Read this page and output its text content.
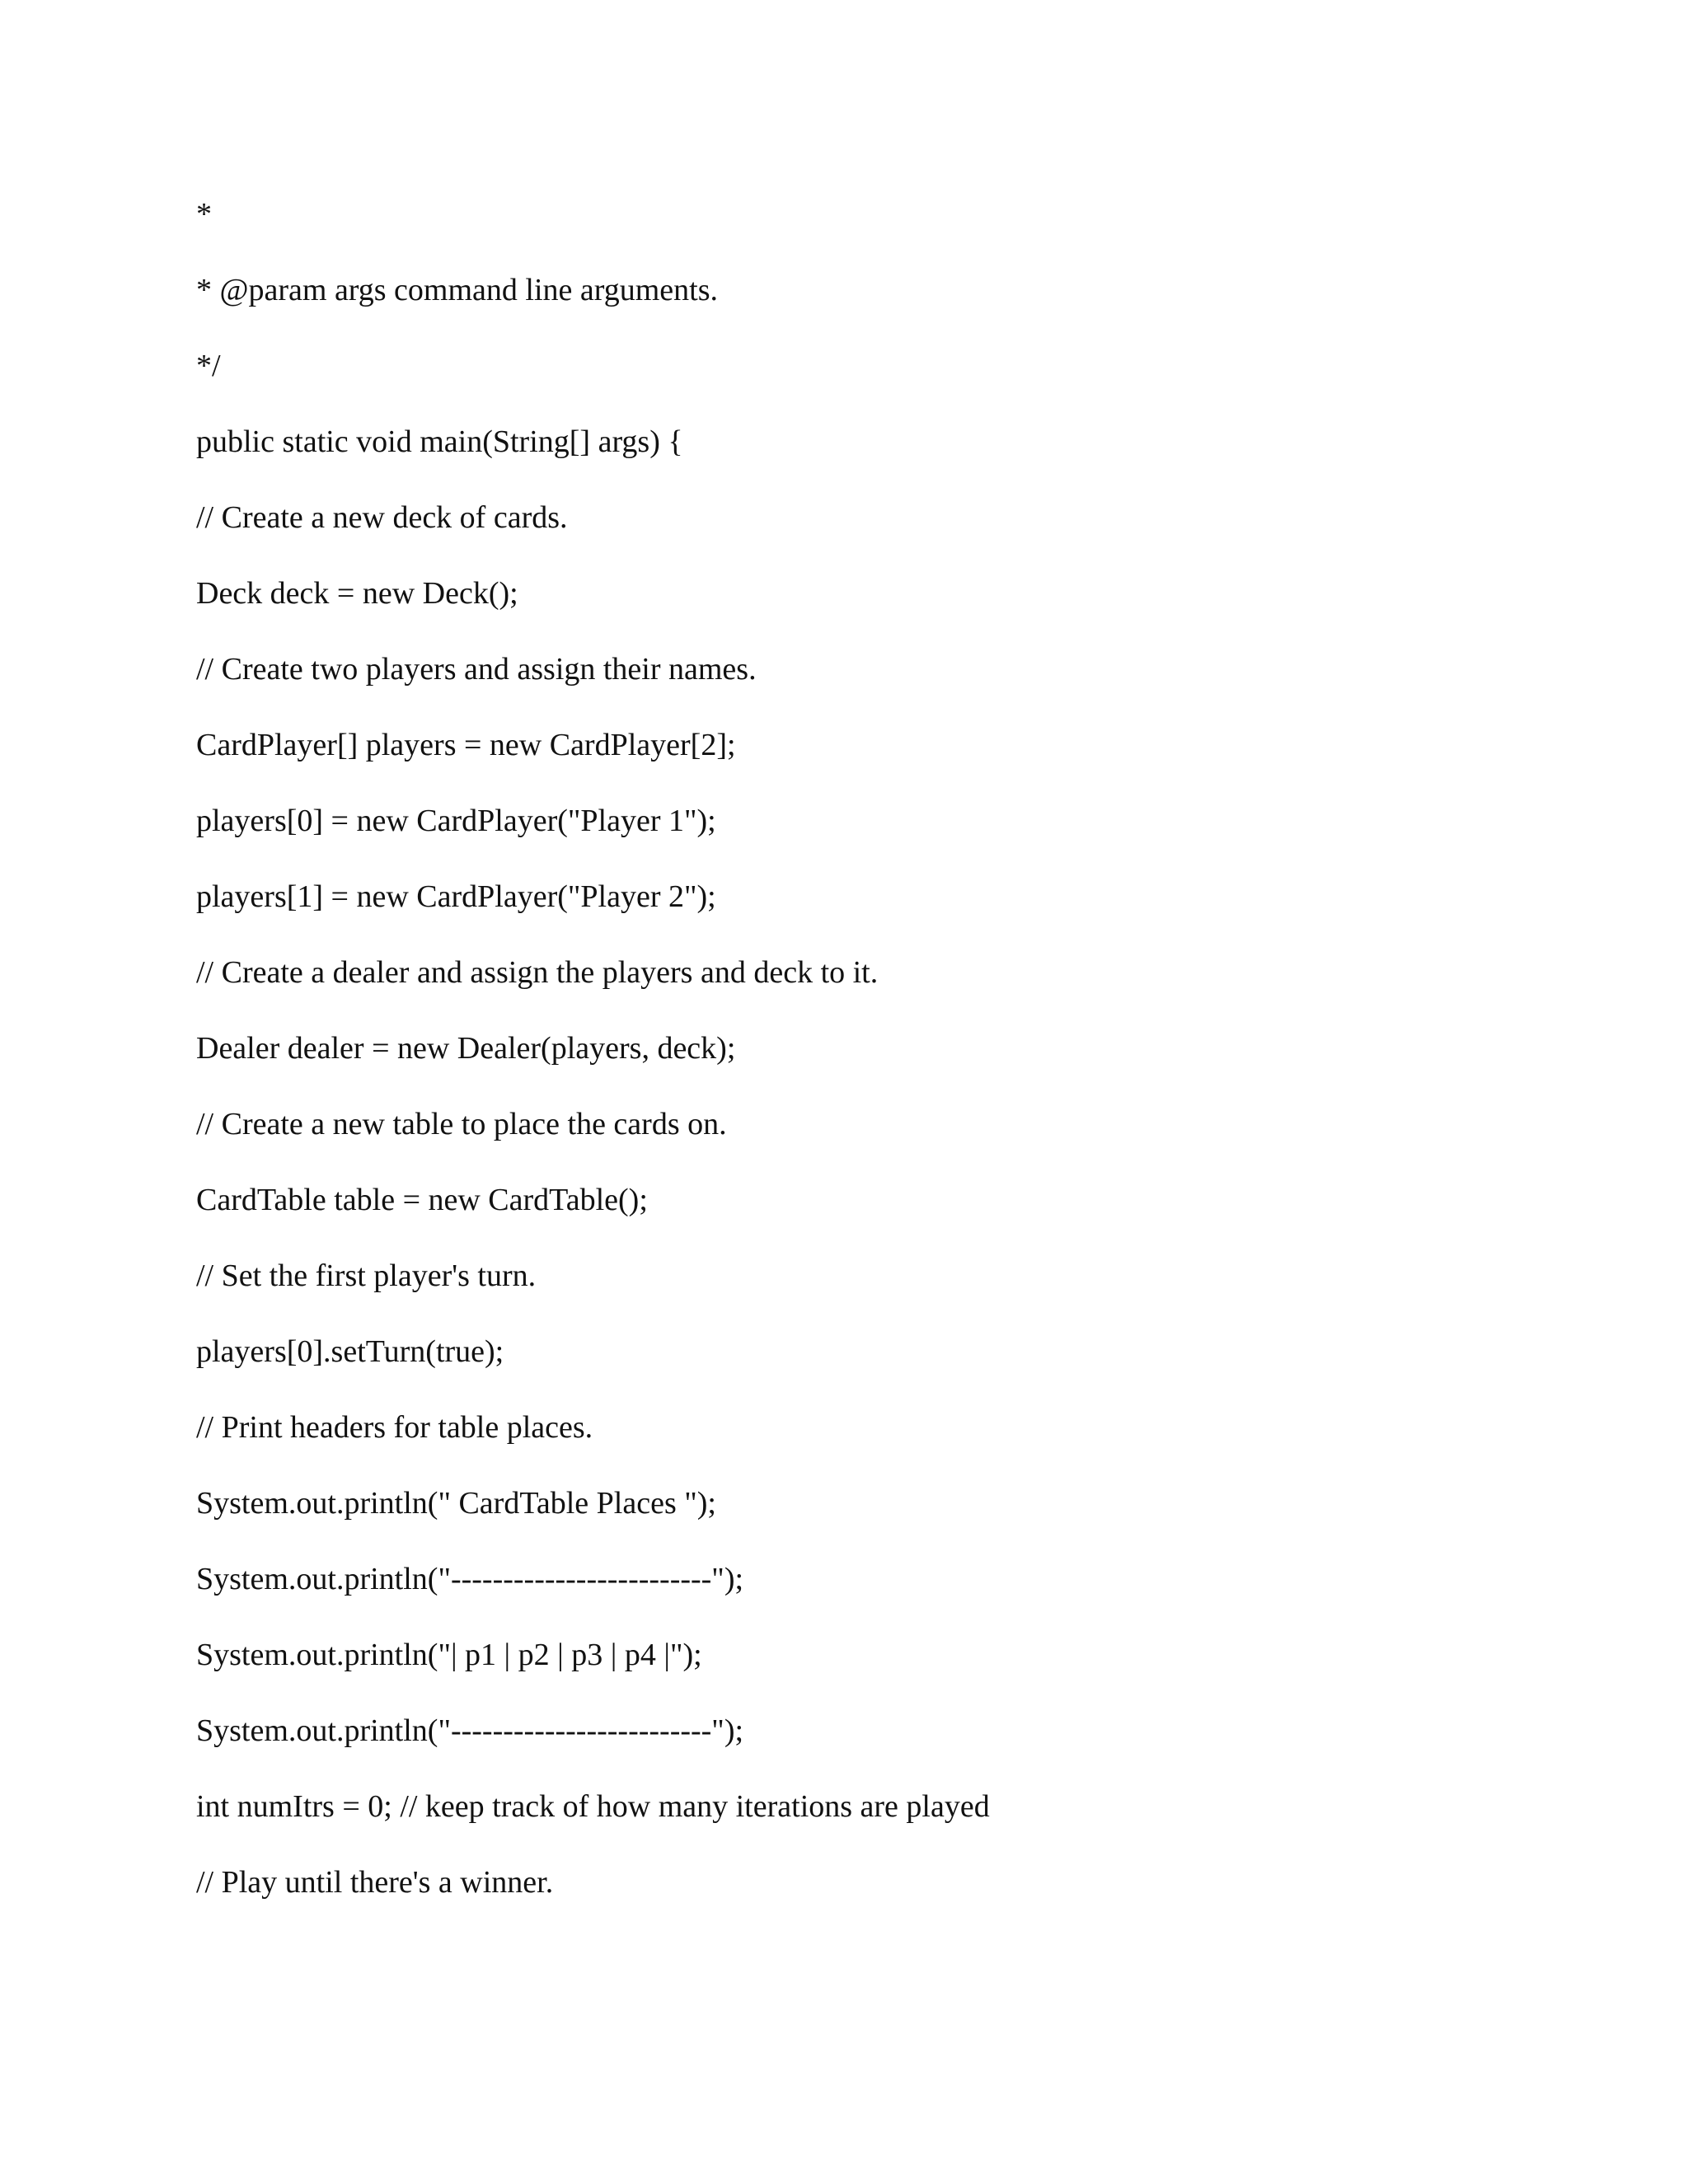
*
* @param args command line arguments.
*/
public static void main(String[] args) {
// Create a new deck of cards.
Deck deck = new Deck();
// Create two players and assign their names.
CardPlayer[] players = new CardPlayer[2];
players[0] = new CardPlayer("Player 1");
players[1] = new CardPlayer("Player 2");
// Create a dealer and assign the players and deck to it.
Dealer dealer = new Dealer(players, deck);
// Create a new table to place the cards on.
CardTable table = new CardTable();
// Set the first player's turn.
players[0].setTurn(true);
// Print headers for table places.
System.out.println(" CardTable Places ");
System.out.println("-------------------------");
System.out.println("| p1 | p2 | p3 | p4 |");
System.out.println("-------------------------");
int numItrs = 0; // keep track of how many iterations are played
// Play until there's a winner.
